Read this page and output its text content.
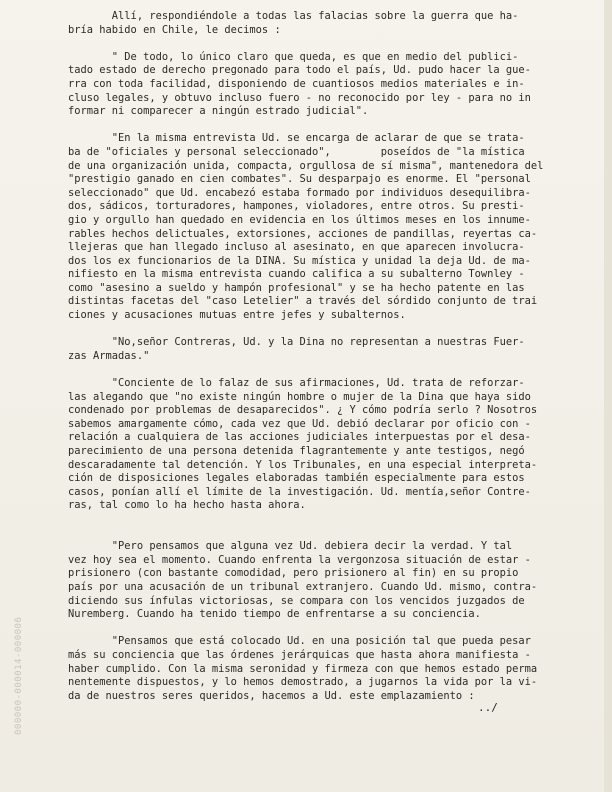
Allí, respondiéndole a todas las falacias sobre la guerra que ha-
bría habido en Chile, le decimos :

" De todo, lo único claro que queda, es que en medio del publici-
tado estado de derecho pregonado para todo el país, Ud. pudo hacer la gue-
rra con toda facilidad, disponiendo de cuantiosos medios materiales e in-
cluso legales, y obtuvo incluso fuero - no reconocido por ley - para no in
formar ni comparecer a ningún estrado judicial".

"En la misma entrevista Ud. se encarga de aclarar de que se trata-
ba de "oficiales y personal seleccionado",        poseídos de "la mística
de una organización unida, compacta, orgullosa de sí misma", mantenedora del
"prestigio ganado en cien combates". Su desparpajo es enorme. El "personal
seleccionado" que Ud. encabezó estaba formado por individuos desequilibra-
dos, sádicos, torturadores, hampones, violadores, entre otros. Su presti-
gio y orgullo han quedado en evidencia en los últimos meses en los innume-
rables hechos delictuales, extorsiones, acciones de pandillas, reyertas ca-
llejeras que han llegado incluso al asesinato, en que aparecen involucra-
dos los ex funcionarios de la DINA. Su mística y unidad la deja Ud. de ma-
nifiesto en la misma entrevista cuando califica a su subalterno Townley -
como "asesino a sueldo y hampón profesional" y se ha hecho patente en las
distintas facetas del "caso Letelier" a través del sórdido conjunto de trai
ciones y acusaciones mutuas entre jefes y subalternos.

"No,señor Contreras, Ud. y la Dina no representan a nuestras Fuer-
zas Armadas."

"Conciente de lo falaz de sus afirmaciones, Ud. trata de reforzar-
las alegando que "no existe ningún hombre o mujer de la Dina que haya sido
condenado por problemas de desaparecidos". ¿ Y cómo podría serlo ? Nosotros
sabemos amargamente cómo, cada vez que Ud. debió declarar por oficio con -
relación a cualquiera de las acciones judiciales interpuestas por el desa-
parecimiento de una persona detenida flagrantemente y ante testigos, negó
descaradamente tal detención. Y los Tribunales, en una especial interpreta-
ción de disposiciones legales elaboradas también especialmente para estos
casos, ponían allí el límite de la investigación. Ud. mentía,señor Contre-
ras, tal como lo ha hecho hasta ahora.

"Pero pensamos que alguna vez Ud. debiera decir la verdad. Y tal
vez hoy sea el momento. Cuando enfrenta la vergonzosa situación de estar -
prisionero (con bastante comodidad, pero prisionero al fin) en su propio
país por una acusación de un tribunal extranjero. Cuando Ud. mismo, contra-
diciendo sus ínfulas victoriosas, se compara con los vencidos juzgados de
Nuremberg. Cuando ha tenido tiempo de enfrentarse a su conciencia.

"Pensamos que está colocado Ud. en una posición tal que pueda pesar
más su conciencia que las órdenes jerárquicas que hasta ahora manifiesta -
haber cumplido. Con la misma seronidad y firmeza con que hemos estado perma
nentemente dispuestos, y lo hemos demostrado, a jugarnos la vida por la vi-
da de nuestros seres queridos, hacemos a Ud. este emplazamiento :
../
000000-000014-000006
